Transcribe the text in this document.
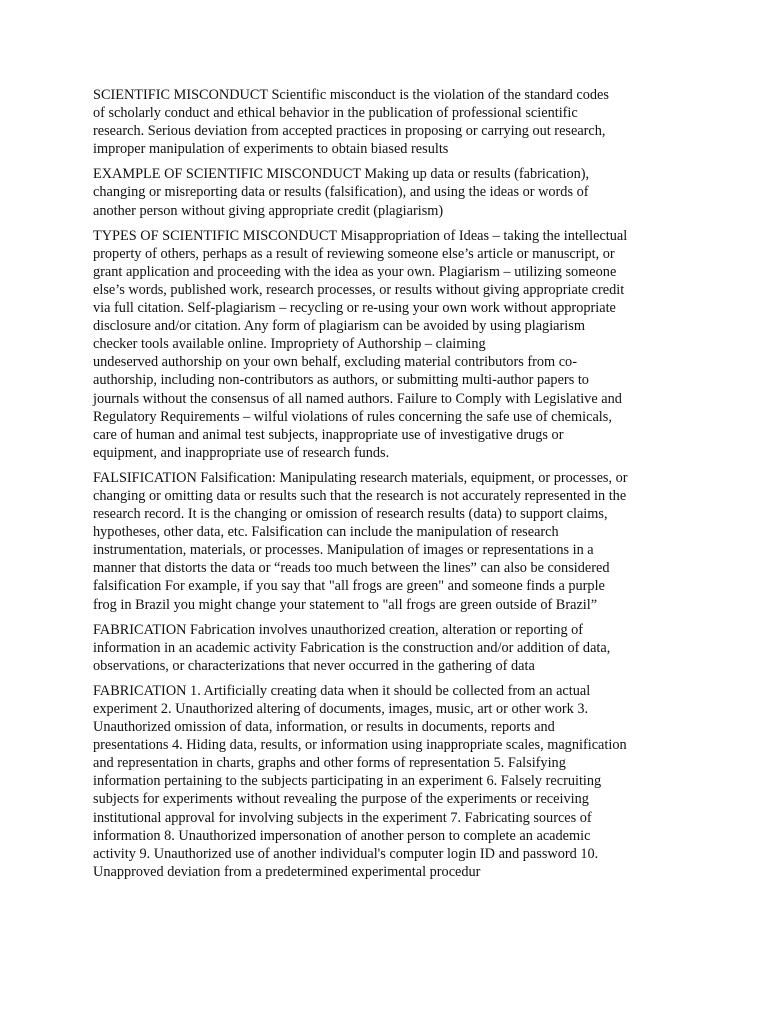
SCIENTIFIC MISCONDUCT Scientific misconduct is the violation of the standard codes
of scholarly conduct and ethical behavior in the publication of professional scientific
research. Serious deviation from accepted practices in proposing or carrying out research,
improper manipulation of experiments to obtain biased results

EXAMPLE OF SCIENTIFIC MISCONDUCT Making up data or results (fabrication),
changing or misreporting data or results (falsification), and using the ideas or words of
another person without giving appropriate credit (plagiarism)

TYPES OF SCIENTIFIC MISCONDUCT Misappropriation of Ideas – taking the intellectual
property of others, perhaps as a result of reviewing someone else’s article or manuscript, or
grant application and proceeding with the idea as your own. Plagiarism – utilizing someone
else’s words, published work, research processes, or results without giving appropriate credit
via full citation. Self-plagiarism – recycling or re-using your own work without appropriate
disclosure and/or citation. Any form of plagiarism can be avoided by using plagiarism
checker tools available online. Impropriety of Authorship – claiming
undeserved authorship on your own behalf, excluding material contributors from co-
authorship, including non-contributors as authors, or submitting multi-author papers to
journals without the consensus of all named authors. Failure to Comply with Legislative and
Regulatory Requirements – wilful violations of rules concerning the safe use of chemicals,
care of human and animal test subjects, inappropriate use of investigative drugs or
equipment, and inappropriate use of research funds.

FALSIFICATION Falsification: Manipulating research materials, equipment, or processes, or
changing or omitting data or results such that the research is not accurately represented in the
research record. It is the changing or omission of research results (data) to support claims,
hypotheses, other data, etc. Falsification can include the manipulation of research
instrumentation, materials, or processes. Manipulation of images or representations in a
manner that distorts the data or “reads too much between the lines” can also be considered
falsification For example, if you say that "all frogs are green" and someone finds a purple
frog in Brazil you might change your statement to "all frogs are green outside of Brazil”

FABRICATION Fabrication involves unauthorized creation, alteration or reporting of
information in an academic activity Fabrication is the construction and/or addition of data,
observations, or characterizations that never occurred in the gathering of data

FABRICATION 1. Artificially creating data when it should be collected from an actual
experiment 2. Unauthorized altering of documents, images, music, art or other work 3.
Unauthorized omission of data, information, or results in documents, reports and
presentations 4. Hiding data, results, or information using inappropriate scales, magnification
and representation in charts, graphs and other forms of representation 5. Falsifying
information pertaining to the subjects participating in an experiment 6. Falsely recruiting
subjects for experiments without revealing the purpose of the experiments or receiving
institutional approval for involving subjects in the experiment 7. Fabricating sources of
information 8. Unauthorized impersonation of another person to complete an academic
activity 9. Unauthorized use of another individual's computer login ID and password 10.
Unapproved deviation from a predetermined experimental procedur
